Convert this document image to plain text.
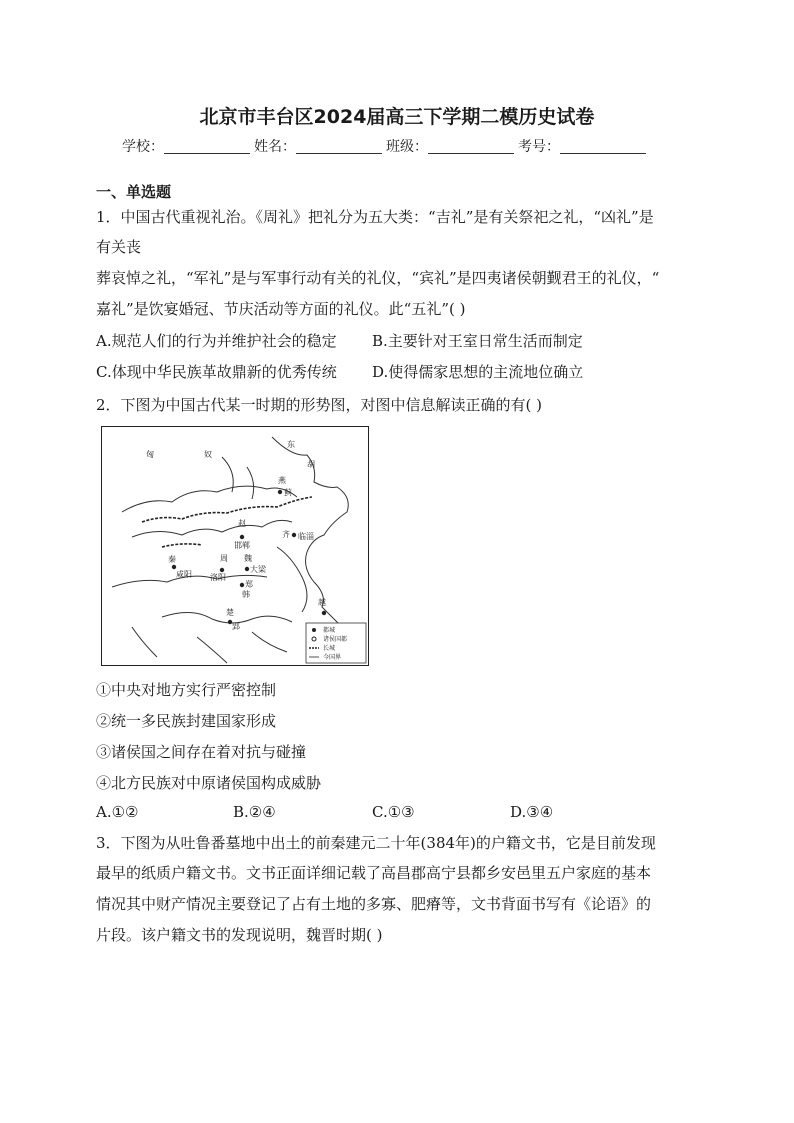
北京市丰台区2024届高三下学期二模历史试卷
学校：	姓名：	班级：	考号：
一、单选题
1．中国古代重视礼治。《周礼》把礼分为五大类：“吉礼”是有关祭祀之礼，“凶礼”是
有关丧
葬哀悼之礼，“军礼”是与军事行动有关的礼仪，“宾礼”是四夷诸侯朝觐君王的礼仪，“
嘉礼”是饮宴婚冠、节庆活动等方面的礼仪。此“五礼”( )
A.规范人们的行为并维护社会的稳定 B.主要针对王室日常生活而制定
C.体现中华民族革故鼎新的优秀传统 D.使得儒家思想的主流地位确立
2．下图为中国古代某一时期的形势图，对图中信息解读正确的有( )
匈	奴
东
胡
燕
蓟
赵
邯郸
齐 临淄
秦
咸阳
周
洛阳
魏
大梁
韩
郑
楚
郢
越
都城
诸侯国都
长城
今国界
①中央对地方实行严密控制
②统一多民族封建国家形成
③诸侯国之间存在着对抗与碰撞
④北方民族对中原诸侯国构成威胁
A.①②	B.②④	C.①③	D.③④
3．下图为从吐鲁番墓地中出土的前秦建元二十年(384年)的户籍文书，它是目前发现
最早的纸质户籍文书。文书正面详细记载了高昌郡高宁县都乡安邑里五户家庭的基本
情况其中财产情况主要登记了占有土地的多寡、肥瘠等，文书背面书写有《论语》的
片段。该户籍文书的发现说明，魏晋时期( )
